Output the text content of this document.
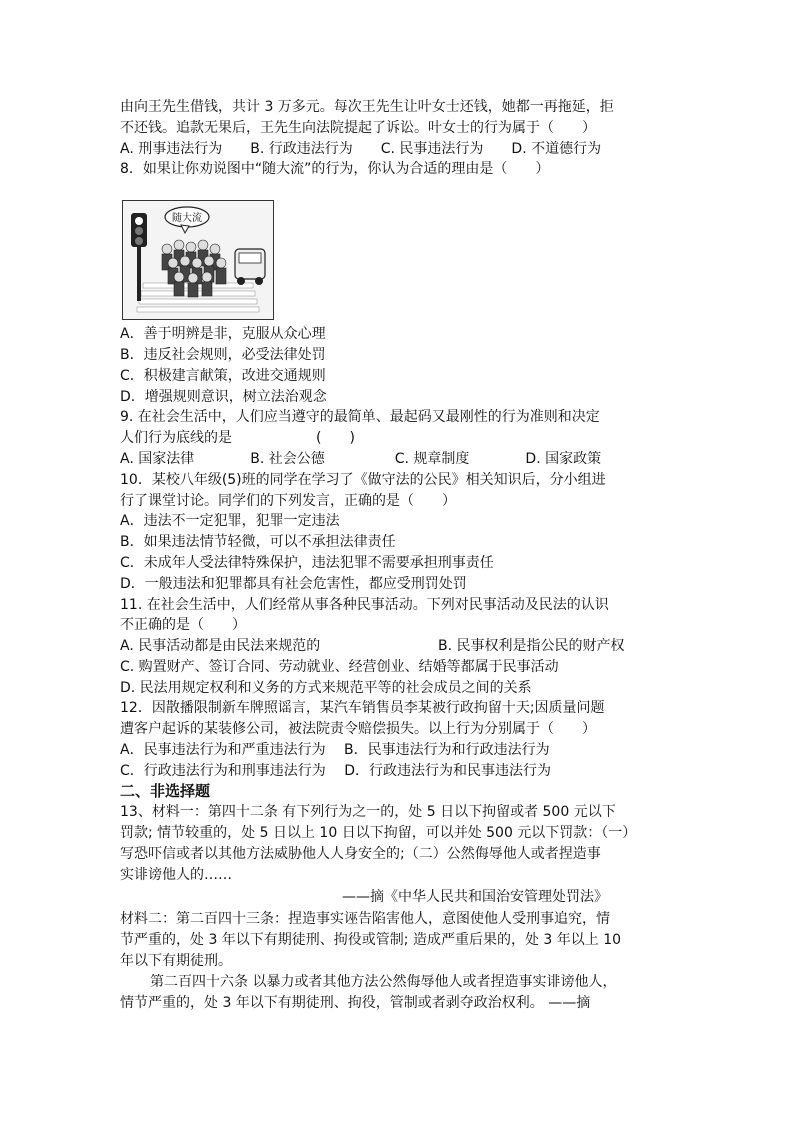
由向王先生借钱，共计 3 万多元。每次王先生让叶女士还钱，她都一再拖延，拒
不还钱。追款无果后，王先生向法院提起了诉讼。叶女士的行为属于（　　）
A. 刑事违法行为　　B. 行政违法行为　　C. 民事违法行为　　D. 不道德行为
8．如果让你劝说图中“随大流”的行为，你认为合适的理由是（　　）
随大流
A．善于明辨是非，克服从众心理
B．违反社会规则，必受法律处罚
C．积极建言献策，改进交通规则
D．增强规则意识，树立法治观念
9. 在社会生活中，人们应当遵守的最简单、最起码又最刚性的行为准则和决定
人们行为底线的是　　　　　　(　　)
A. 国家法律　　　　B. 社会公德　　　　　C. 规章制度　　　　D. 国家政策
10．某校八年级(5)班的同学在学习了《做守法的公民》相关知识后，分小组进
行了课堂讨论。同学们的下列发言，正确的是（　　）
A．违法不一定犯罪，犯罪一定违法
B．如果违法情节轻微，可以不承担法律责任
C．未成年人受法律特殊保护，违法犯罪不需要承担刑事责任
D．一般违法和犯罪都具有社会危害性，都应受刑罚处罚
11. 在社会生活中，人们经常从事各种民事活动。下列对民事活动及民法的认识
不正确的是（　　）
A. 民事活动都是由民法来规范的	B. 民事权利是指公民的财产权
C. 购置财产、签订合同、劳动就业、经营创业、结婚等都属于民事活动
D. 民法用规定权利和义务的方式来规范平等的社会成员之间的关系
12．因散播限制新车牌照谣言，某汽车销售员李某被行政拘留十天;因质量问题
遭客户起诉的某装修公司，被法院责令赔偿损失。以上行为分别属于（　　）
A．民事违法行为和严重违法行为　 B．民事违法行为和行政违法行为
C．行政违法行为和刑事违法行为　 D．行政违法行为和民事违法行为
二、非选择题
13、材料一：第四十二条 有下列行为之一的，处 5 日以下拘留或者 500 元以下
罚款; 情节较重的，处 5 日以上 10 日以下拘留，可以并处 500 元以下罚款：（一）
写恐吓信或者以其他方法威胁他人人身安全的;（二）公然侮辱他人或者捏造事
实诽谤他人的……
——摘《中华人民共和国治安管理处罚法》
材料二：第二百四十三条：捏造事实诬告陷害他人，意图使他人受刑事追究，情
节严重的，处 3 年以下有期徒刑、拘役或管制; 造成严重后果的，处 3 年以上 10
年以下有期徒刑。
第二百四十六条 以暴力或者其他方法公然侮辱他人或者捏造事实诽谤他人，
情节严重的，处 3 年以下有期徒刑、拘役，管制或者剥夺政治权利。 ——摘
